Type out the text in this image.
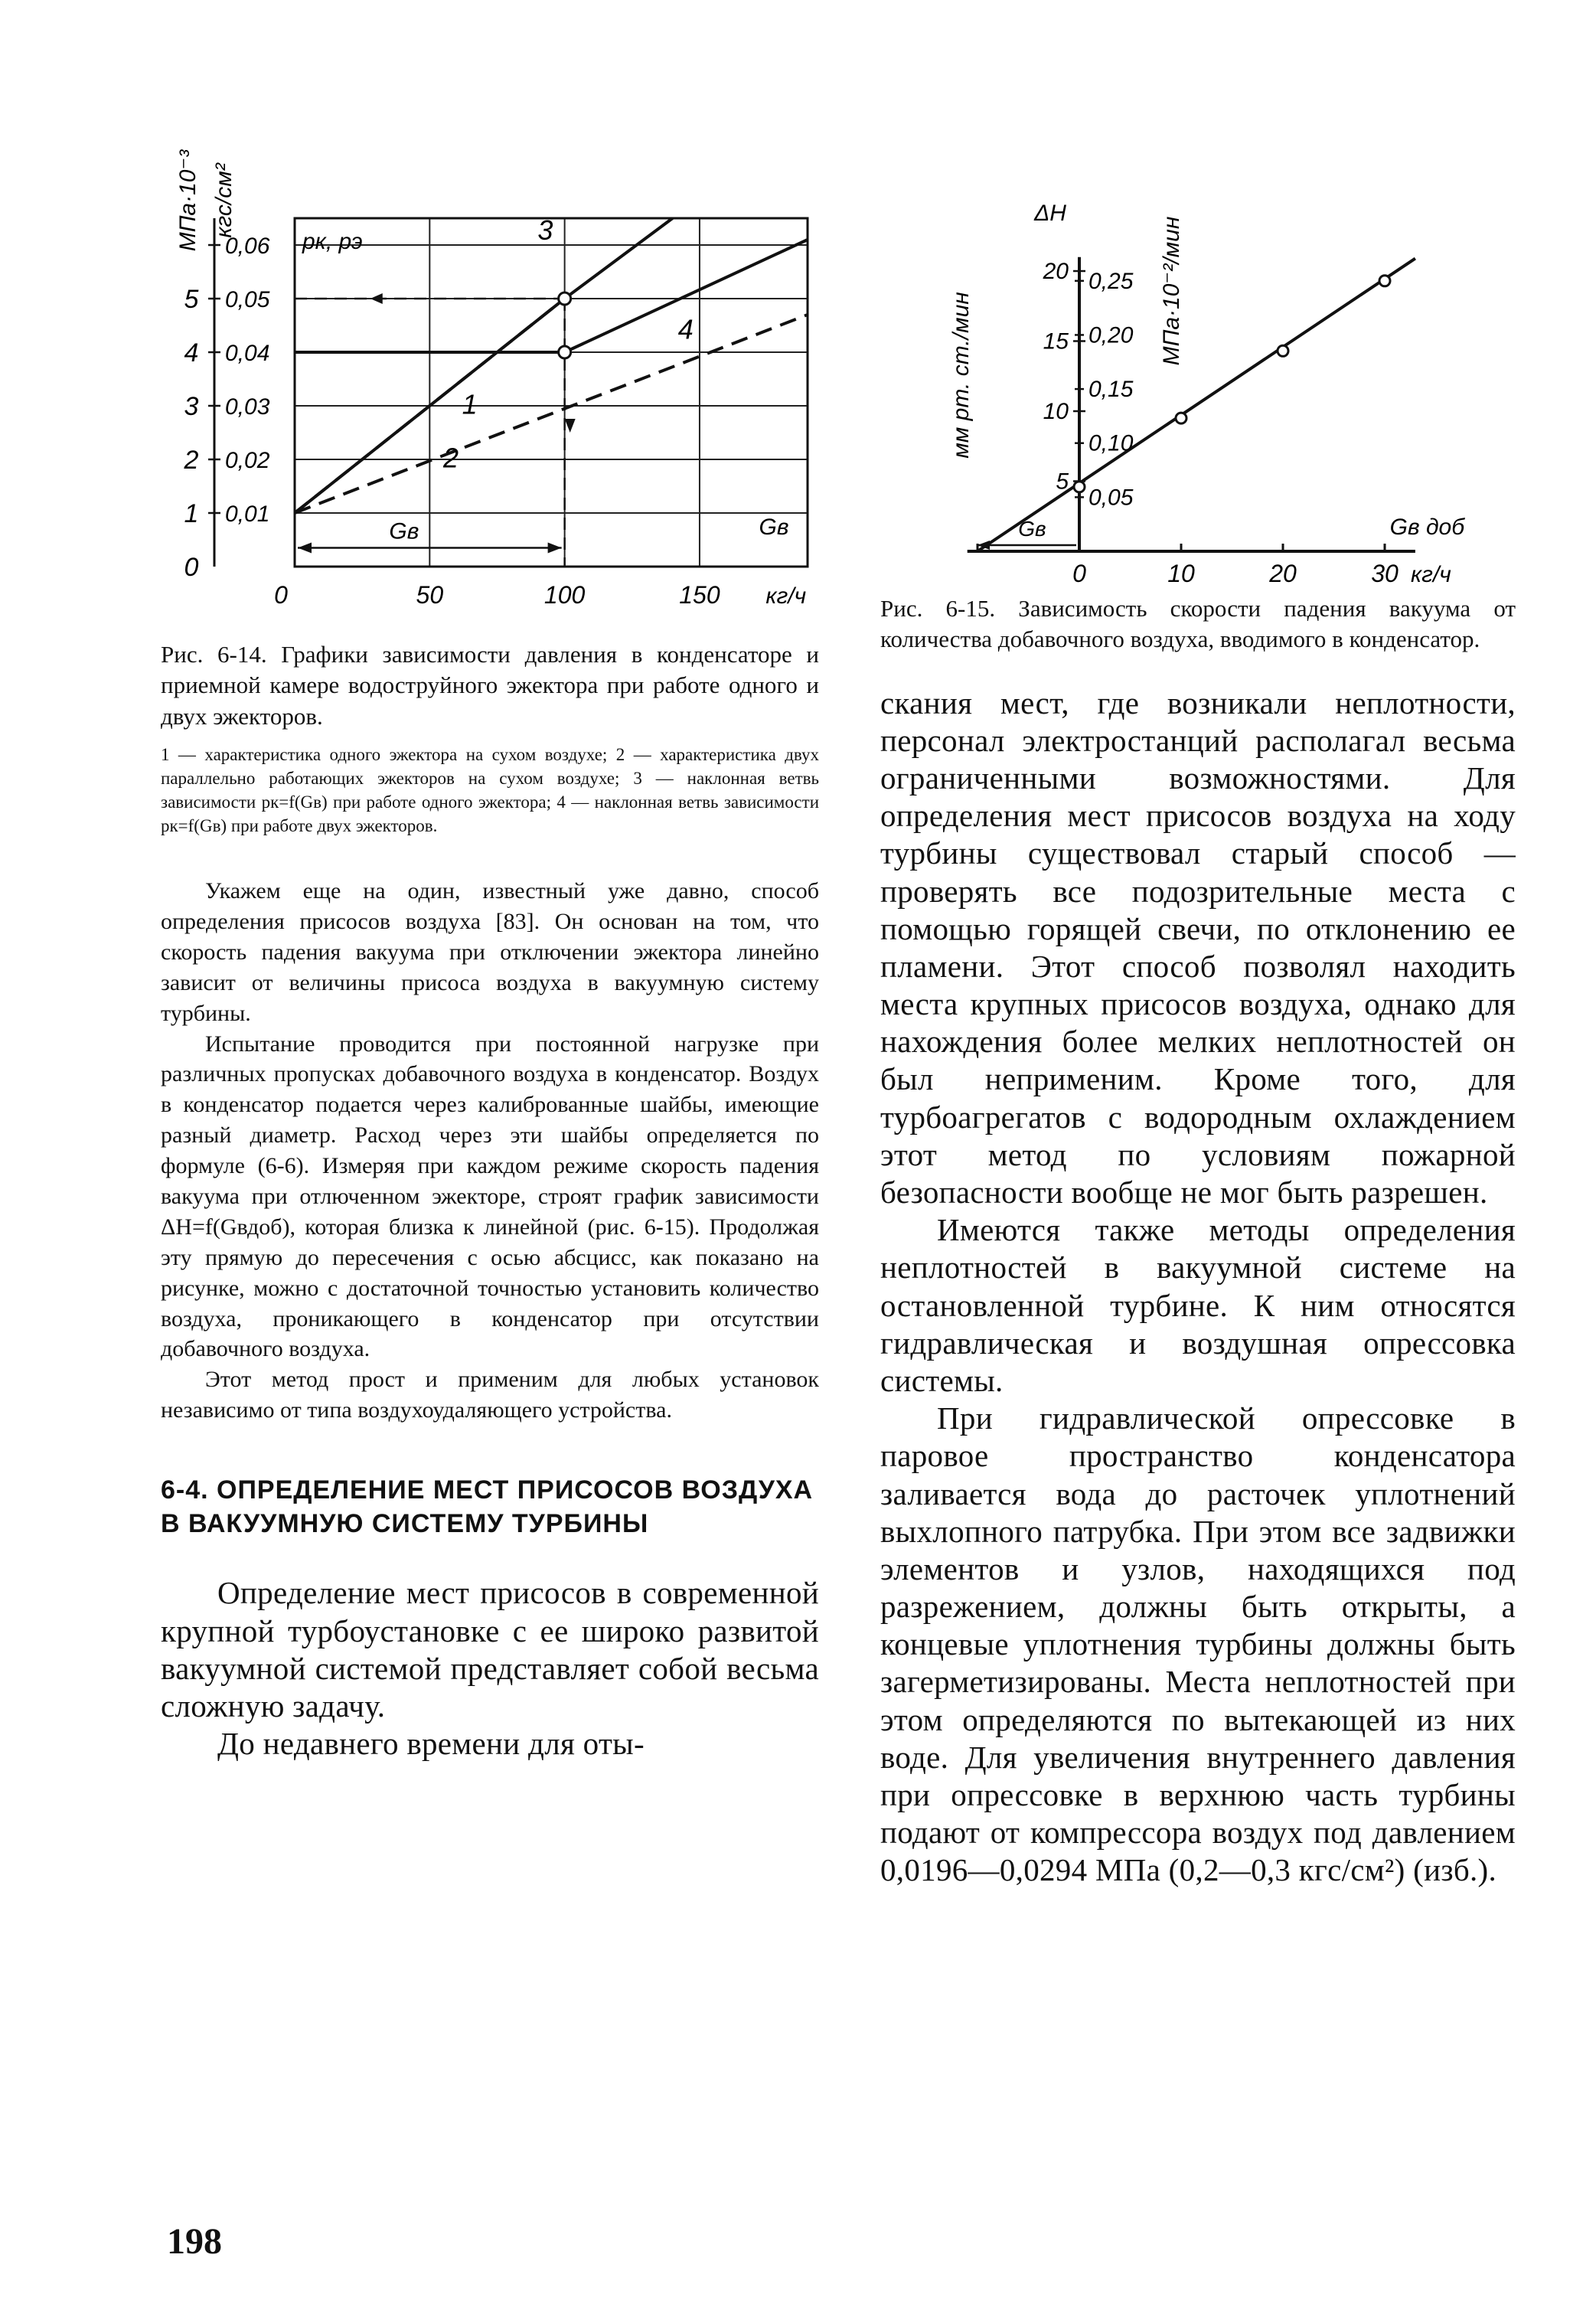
Gв	Gв
рк, рэ
1
2
3
4
0
1
2
3
4
5
0,01
0,02
0,03
0,04
0,05
0,06
МПа·10⁻³ кгс/см²
0	50	100	150 кг/ч

Рис. 6-14. Графики зависимости давления в конденсаторе и приемной камере водоструйного эжектора при работе одного и двух эжекторов.

1 — характеристика одного эжектора на сухом воздухе; 2 — характеристика двух параллельно работающих эжекторов на сухом воздухе; 3 — наклонная ветвь зависимости рк=f(Gв) при работе одного эжектора; 4 — наклонная ветвь зависимости рк=f(Gв) при работе двух эжекторов.

Укажем еще на один, известный уже давно, способ определения присосов воздуха [83]. Он основан на том, что скорость падения вакуума при отключении эжектора линейно зависит от величины присоса воздуха в вакуумную систему турбины.

Испытание проводится при постоянной нагрузке при различных пропусках добавочного воздуха в конденсатор. Воздух в конденсатор подается через калиброванные шайбы, имеющие разный диаметр. Расход через эти шайбы определяется по формуле (6-6). Измеряя при каждом режиме скорость падения вакуума при отлюченном эжекторе, строят график зависимости ΔH=f(Gвдоб), которая близка к линейной (рис. 6-15). Продолжая эту прямую до пересечения с осью абсцисс, как показано на рисунке, можно с достаточной точностью установить количество воздуха, проникающего в конденсатор при отсутствии добавочного воздуха.

Этот метод прост и применим для любых установок независимо от типа воздухоудаляющего устройства.

6-4. ОПРЕДЕЛЕНИЕ МЕСТ ПРИСОСОВ ВОЗДУХА В ВАКУУМНУЮ СИСТЕМУ ТУРБИНЫ

Определение мест присосов в современной крупной турбоустановке с ее широко развитой вакуумной системой представляет собой весьма сложную задачу.

До недавнего времени для оты-

Gв
5
10
15
20
0,05
0,10
0,15
0,20
0,25
ΔH
мм рт. ст./мин
МПа·10⁻²/мин
0	10	20	30 кг/ч
Gв доб

Рис. 6-15. Зависимость скорости падения вакуума от количества добавочного воздуха, вводимого в конденсатор.

скания мест, где возникали неплотности, персонал электростанций располагал весьма ограниченными возможностями. Для определения мест присосов воздуха на ходу турбины существовал старый способ — проверять все подозрительные места с помощью горящей свечи, по отклонению ее пламени. Этот способ позволял находить места крупных присосов воздуха, однако для нахождения более мелких неплотностей он был неприменим. Кроме того, для турбоагрегатов с водородным охлаждением этот метод по условиям пожарной безопасности вообще не мог быть разрешен.

Имеются также методы определения неплотностей в вакуумной системе на остановленной турбине. К ним относятся гидравлическая и воздушная опрессовка системы.

При гидравлической опрессовке в паровое пространство конденсатора заливается вода до расточек уплотнений выхлопного патрубка. При этом все задвижки элементов и узлов, находящихся под разрежением, должны быть открыты, а концевые уплотнения турбины должны быть загерметизированы. Места неплотностей при этом определяются по вытекающей из них воде. Для увеличения внутреннего давления при опрессовке в верхнюю часть турбины подают от компрессора воздух под давлением 0,0196—0,0294 МПа (0,2—0,3 кгс/см²) (изб.).

198
